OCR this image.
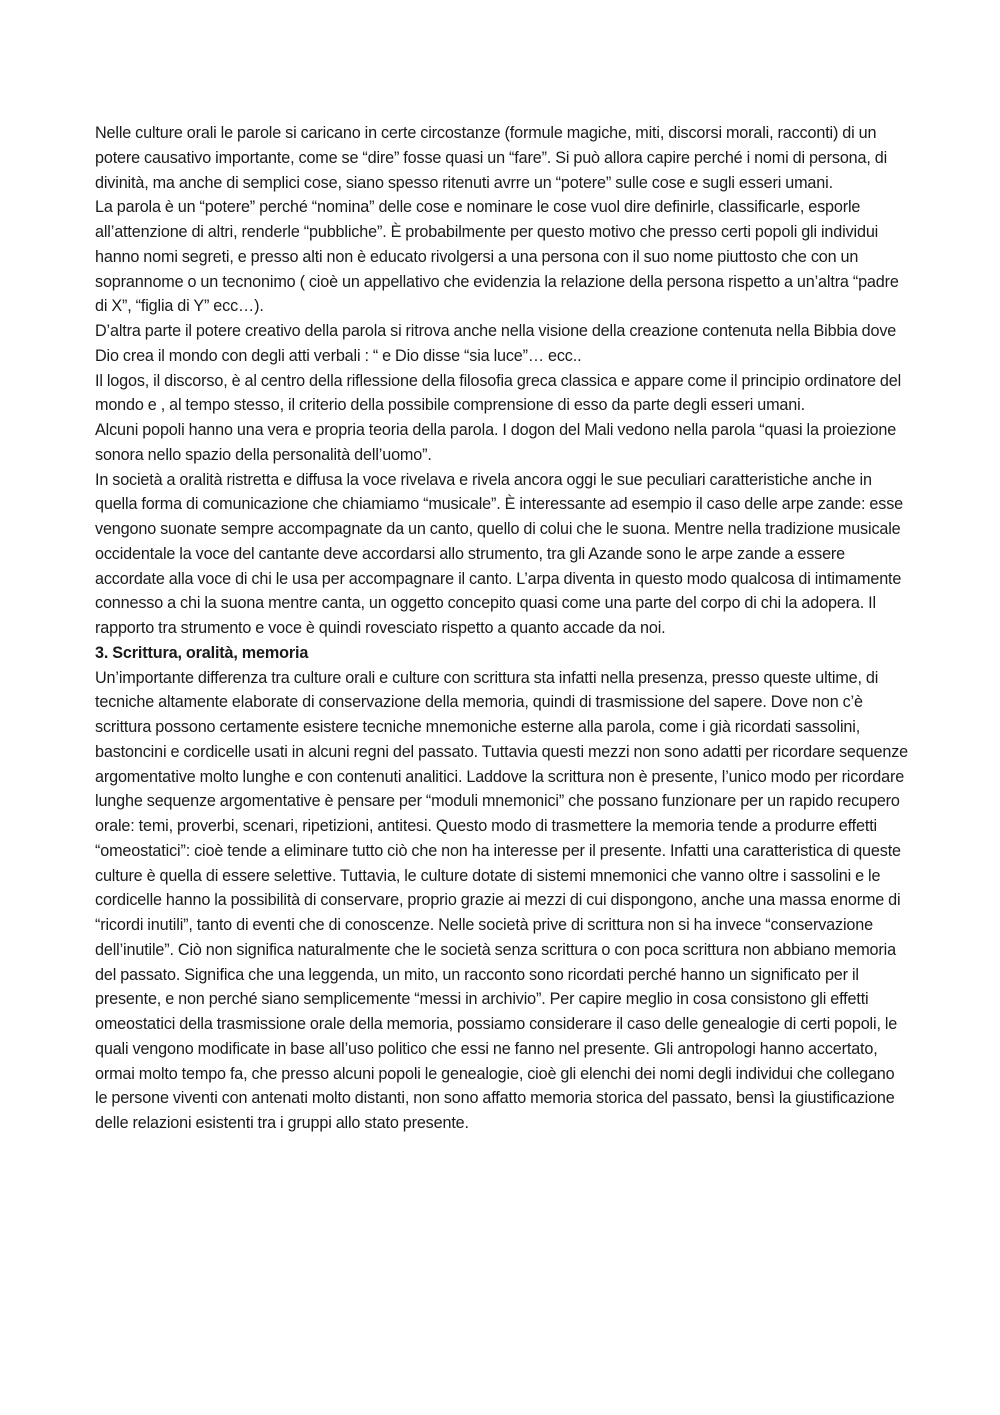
Nelle culture orali le parole si caricano in certe circostanze (formule magiche, miti, discorsi morali, racconti) di un potere causativo importante, come se “dire” fosse quasi un “fare”. Si può allora capire perché i nomi di persona, di divinità, ma anche di semplici cose, siano spesso ritenuti avrre un “potere” sulle cose e sugli esseri umani.

La parola è un “potere” perché “nomina” delle cose e nominare le cose vuol dire definirle, classificarle, esporle all’attenzione di altri, renderle “pubbliche”. È probabilmente per questo motivo che presso certi popoli gli individui hanno nomi segreti, e presso alti non è educato rivolgersi a una persona con il suo nome piuttosto che con un soprannome o un tecnonimo ( cioè un appellativo che evidenzia la relazione della persona rispetto a un’altra “padre di X”, “figlia di Y” ecc…).

D’altra parte il potere creativo della parola si ritrova anche nella visione della creazione contenuta nella Bibbia dove Dio crea il mondo con degli atti verbali : “ e Dio disse “sia luce”… ecc..

Il logos, il discorso, è al centro della riflessione della filosofia greca classica e appare come il principio ordinatore del mondo e , al tempo stesso, il criterio della possibile comprensione di esso da parte degli esseri umani.

Alcuni popoli hanno una vera e propria teoria della parola. I dogon del Mali vedono nella parola “quasi la proiezione sonora nello spazio della personalità dell’uomo”.

In società a oralità ristretta e diffusa la voce rivelava e rivela ancora oggi le sue peculiari caratteristiche anche in quella forma di comunicazione che chiamiamo “musicale”. È interessante ad esempio il caso delle arpe zande: esse vengono suonate sempre accompagnate da un canto, quello di colui che le suona. Mentre nella tradizione musicale occidentale la voce del cantante deve accordarsi allo strumento, tra gli Azande sono le arpe zande a essere accordate alla voce di chi le usa per accompagnare il canto. L’arpa diventa in questo modo qualcosa di intimamente connesso a chi la suona mentre canta, un oggetto concepito quasi come una parte del corpo di chi la adopera. Il rapporto tra strumento e voce è quindi rovesciato rispetto a quanto accade da noi.

3. Scrittura, oralità, memoria

Un’importante differenza tra culture orali e culture con scrittura sta infatti nella presenza, presso queste ultime, di tecniche altamente elaborate di conservazione della memoria, quindi di trasmissione del sapere. Dove non c’è scrittura possono certamente esistere tecniche mnemoniche esterne alla parola, come i già ricordati sassolini, bastoncini e cordicelle usati in alcuni regni del passato. Tuttavia questi mezzi non sono adatti per ricordare sequenze argomentative molto lunghe e con contenuti analitici. Laddove la scrittura non è presente, l’unico modo per ricordare lunghe sequenze argomentative è pensare per “moduli mnemonici” che possano funzionare per un rapido recupero orale: temi, proverbi, scenari, ripetizioni, antitesi. Questo modo di trasmettere la memoria tende a produrre effetti “omeostatici”: cioè tende a eliminare tutto ciò che non ha interesse per il presente. Infatti una caratteristica di queste culture è quella di essere selettive. Tuttavia, le culture dotate di sistemi mnemonici che vanno oltre i sassolini e le cordicelle hanno la possibilità di conservare, proprio grazie ai mezzi di cui dispongono, anche una massa enorme di “ricordi inutili”, tanto di eventi che di conoscenze. Nelle società prive di scrittura non si ha invece “conservazione dell’inutile”. Ciò non significa naturalmente che le società senza scrittura o con poca scrittura non abbiano memoria del passato. Significa che una leggenda, un mito, un racconto sono ricordati perché hanno un significato per il presente, e non perché siano semplicemente “messi in archivio”. Per capire meglio in cosa consistono gli effetti omeostatici della trasmissione orale della memoria, possiamo considerare il caso delle genealogie di certi popoli, le quali vengono modificate in base all’uso politico che essi ne fanno nel presente. Gli antropologi hanno accertato, ormai molto tempo fa, che presso alcuni popoli le genealogie, cioè gli elenchi dei nomi degli individui che collegano le persone viventi con antenati molto distanti, non sono affatto memoria storica del passato, bensì la giustificazione delle relazioni esistenti tra i gruppi allo stato presente.
